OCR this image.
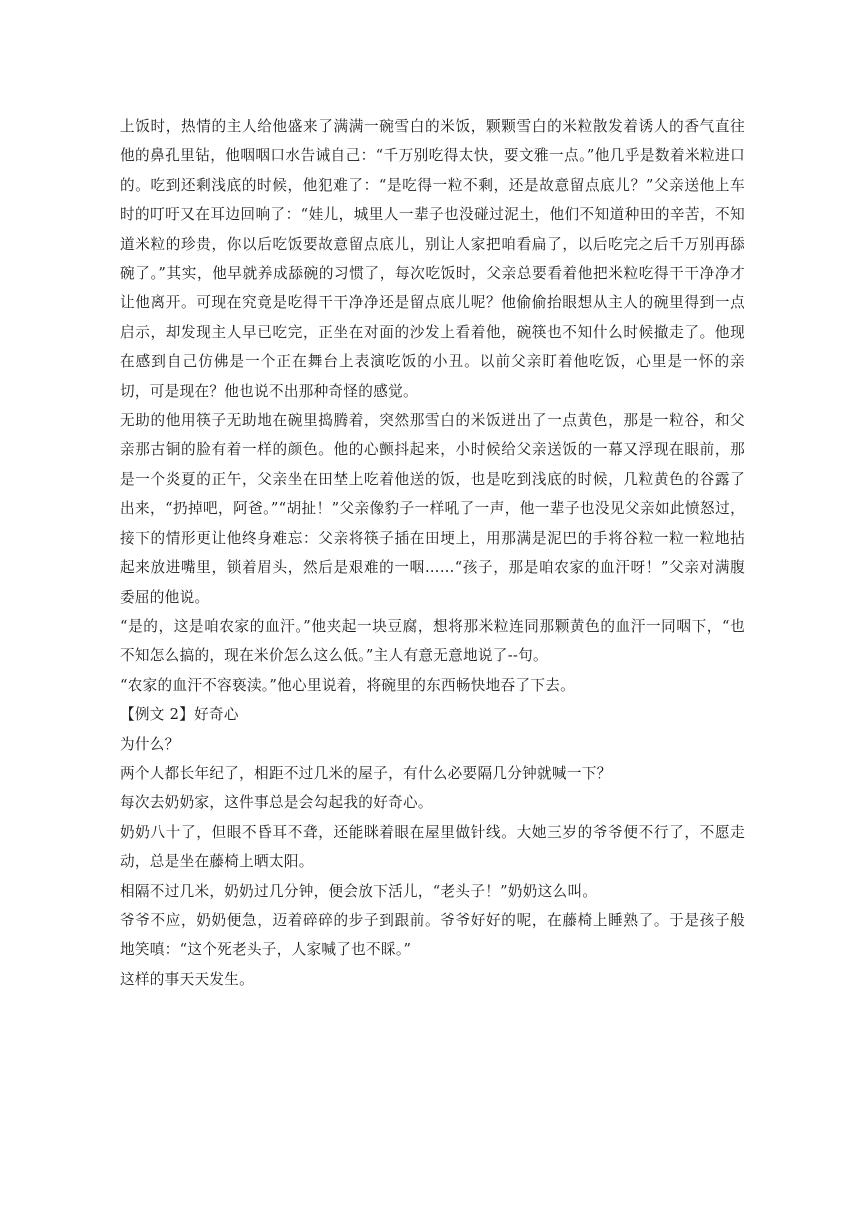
上饭时，热情的主人给他盛来了满满一碗雪白的米饭，颗颗雪白的米粒散发着诱人的香气直往他的鼻孔里钻，他咽咽口水告诫自己：“千万别吃得太快，要文雅一点。”他几乎是数着米粒进口的。吃到还剩浅底的时候，他犯难了：“是吃得一粒不剩，还是故意留点底儿？”父亲送他上车时的叮吁又在耳边回响了：“娃儿，城里人一辈子也没碰过泥土，他们不知道种田的辛苦，不知道米粒的珍贵，你以后吃饭要故意留点底儿，别让人家把咱看扁了，以后吃完之后千万别再舔碗了。”其实，他早就养成舔碗的习惯了，每次吃饭时，父亲总要看着他把米粒吃得干干净净才让他离开。可现在究竟是吃得干干净净还是留点底儿呢？他偷偷抬眼想从主人的碗里得到一点启示，却发现主人早已吃完，正坐在对面的沙发上看着他，碗筷也不知什么时候撤走了。他现在感到自己仿佛是一个正在舞台上表演吃饭的小丑。以前父亲盯着他吃饭，心里是一怀的亲切，可是现在？他也说不出那种奇怪的感觉。

无助的他用筷子无助地在碗里捣腾着，突然那雪白的米饭迸出了一点黄色，那是一粒谷，和父亲那古铜的脸有着一样的颜色。他的心颤抖起来，小时候给父亲送饭的一幕又浮现在眼前，那是一个炎夏的正午，父亲坐在田埜上吃着他送的饭，也是吃到浅底的时候，几粒黄色的谷露了出来，“扔掉吧，阿爸。”“胡扯！”父亲像豹子一样吼了一声，他一辈子也没见父亲如此愤怒过，接下的情形更让他终身难忘：父亲将筷子插在田埂上，用那满是泥巴的手将谷粒一粒一粒地拈起来放进嘴里，锁着眉头，然后是艰难的一咽……“孩子，那是咱农家的血汗呀！”父亲对满腹委屈的他说。

“是的，这是咱农家的血汗。”他夹起一块豆腐，想将那米粒连同那颗黄色的血汗一同咽下，“也不知怎么搞的，现在米价怎么这么低。”主人有意无意地说了--句。

“农家的血汗不容亵渎。”他心里说着，将碗里的东西畅快地吞了下去。

【例文 2】好奇心

为什么？

两个人都长年纪了，相距不过几米的屋子，有什么必要隔几分钟就喊一下？

每次去奶奶家，这件事总是会勾起我的好奇心。

奶奶八十了，但眼不昏耳不聋，还能眯着眼在屋里做针线。大她三岁的爷爷便不行了，不愿走动，总是坐在藤椅上晒太阳。

相隔不过几米，奶奶过几分钟，便会放下活儿，“老头子！”奶奶这么叫。

爷爷不应，奶奶便急，迈着碎碎的步子到跟前。爷爷好好的呢，在藤椅上睡熟了。于是孩子般地笑嗔：“这个死老头子，人家喊了也不睬。”

这样的事天天发生。
